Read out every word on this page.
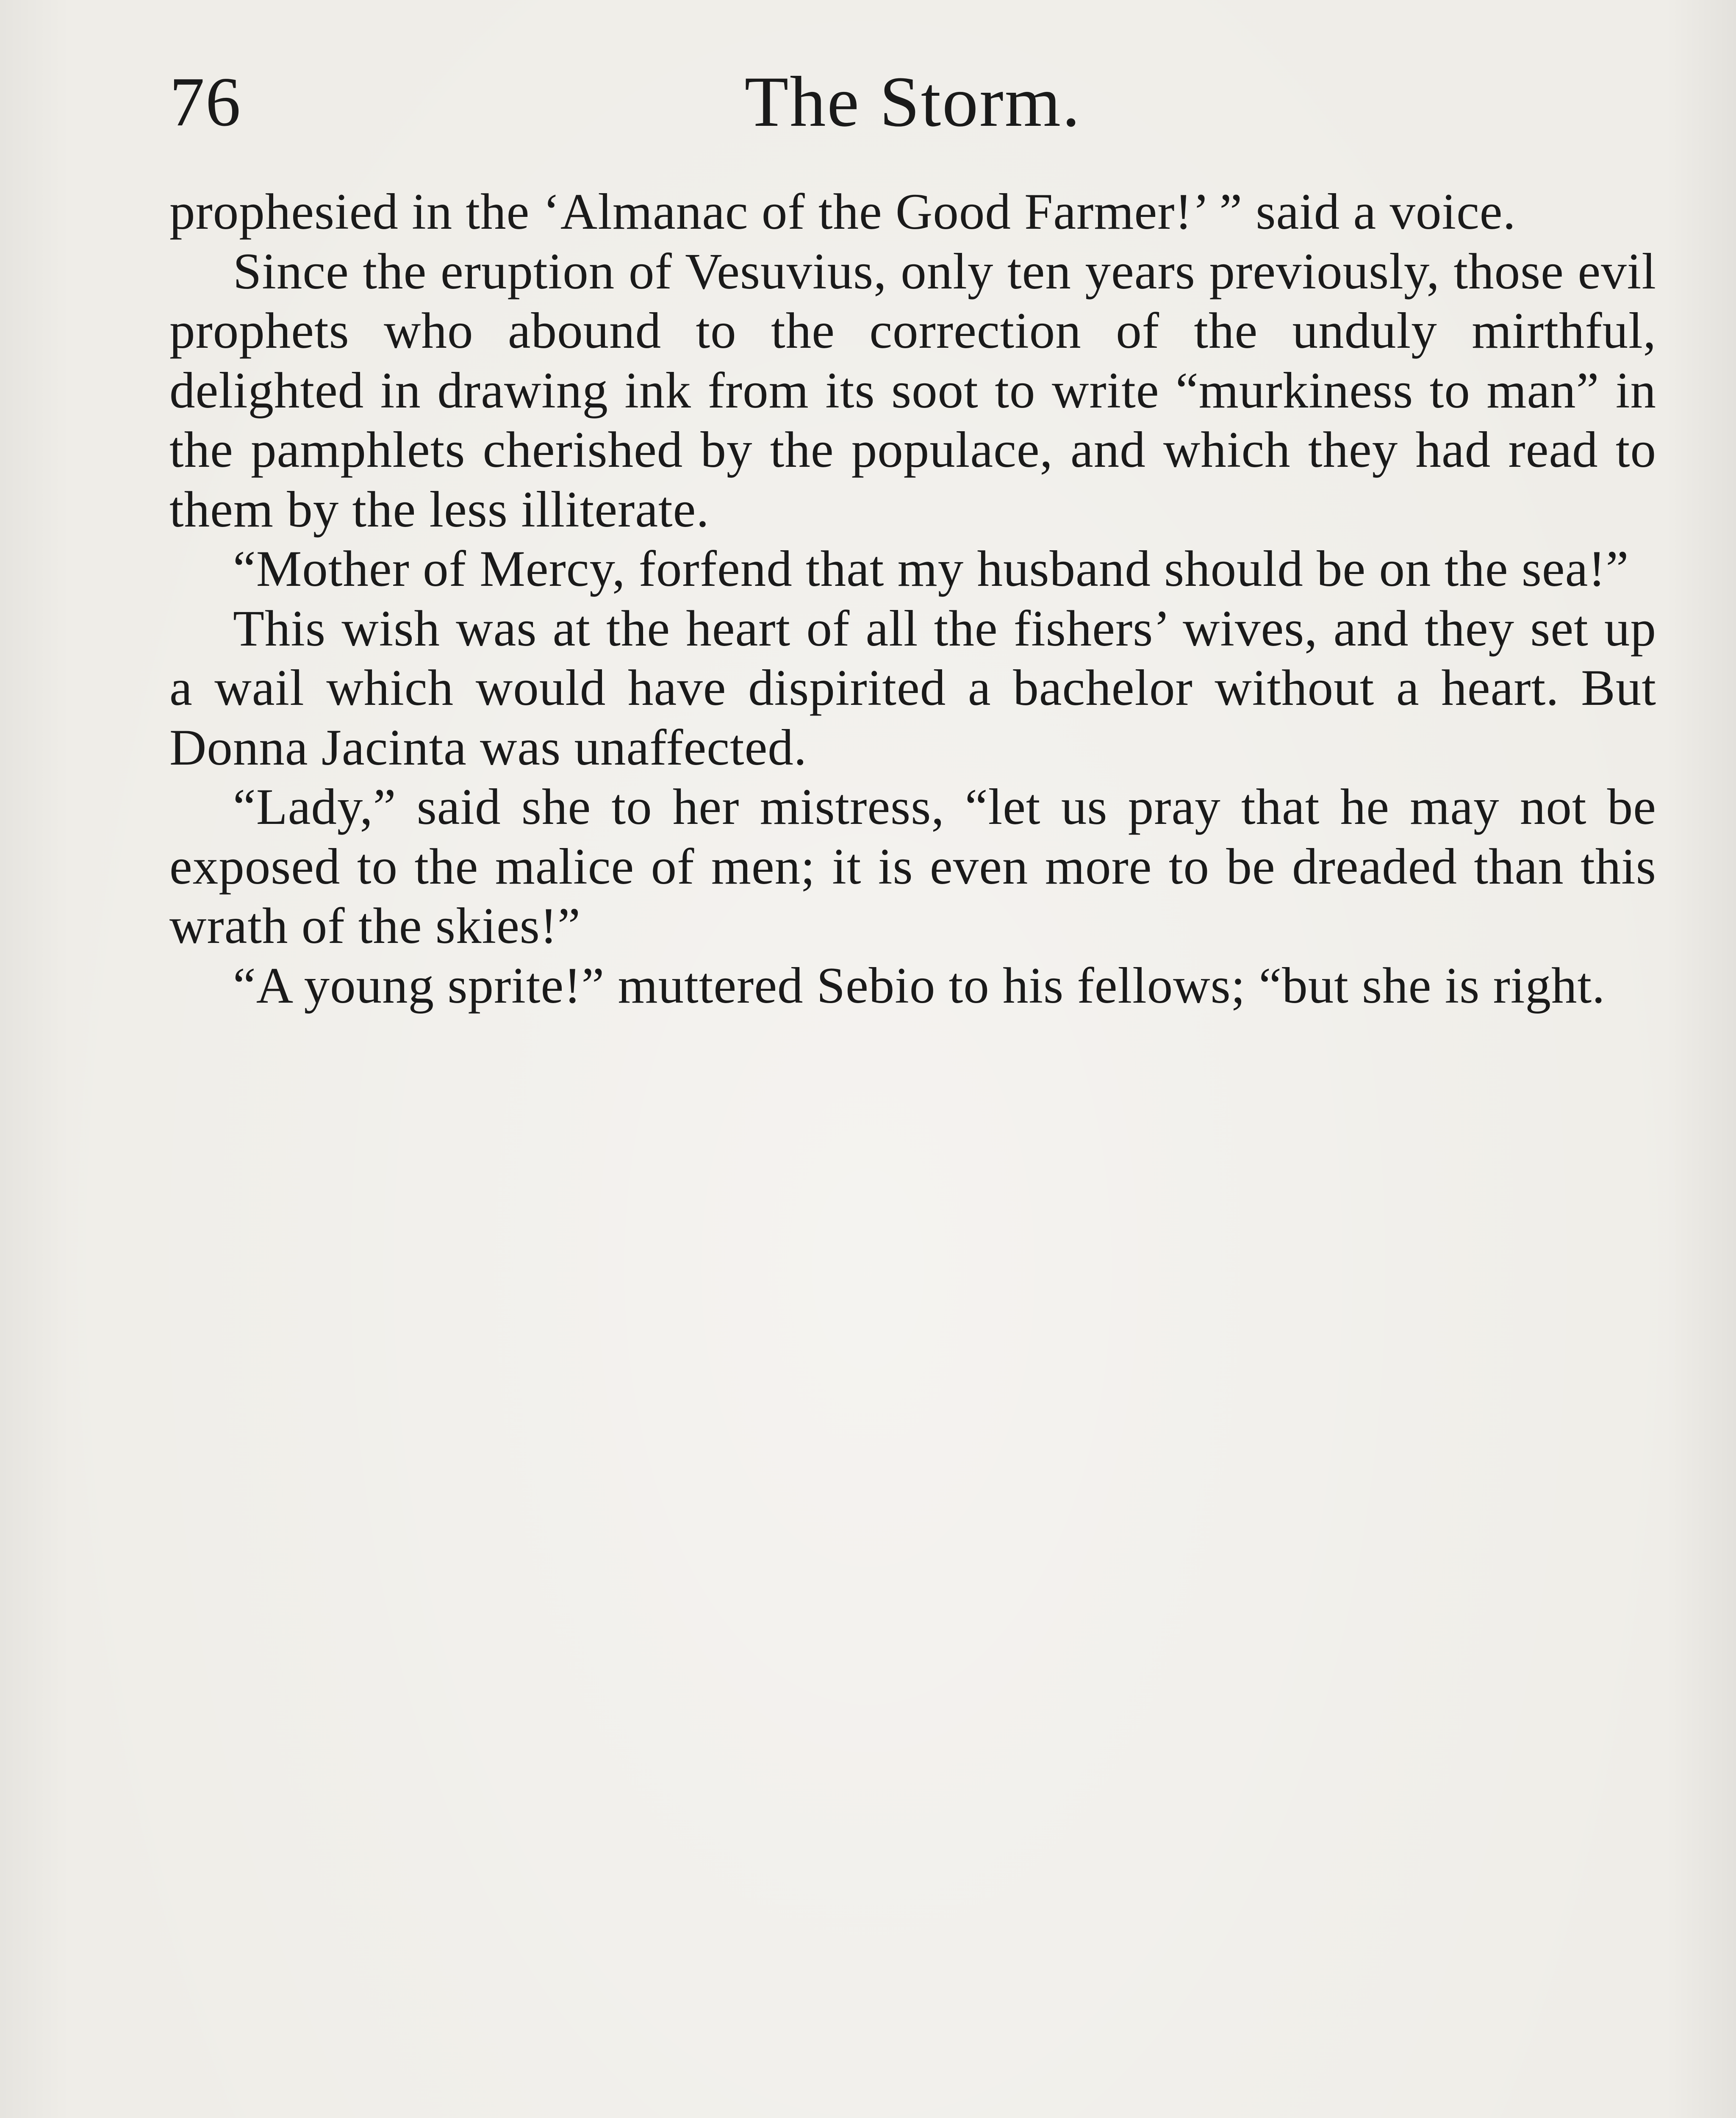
76	The Storm.

prophesied in the ‘Almanac of the Good Farmer!’ ” said a voice.

Since the eruption of Vesuvius, only ten years previously, those evil prophets who abound to the correction of the unduly mirthful, delighted in drawing ink from its soot to write “murkiness to man” in the pamphlets cherished by the populace, and which they had read to them by the less illiterate.

“Mother of Mercy, forfend that my husband should be on the sea!”

This wish was at the heart of all the fishers’ wives, and they set up a wail which would have dispirited a bachelor without a heart. But Donna Jacinta was unaffected.

“Lady,” said she to her mistress, “let us pray that he may not be exposed to the malice of men; it is even more to be dreaded than this wrath of the skies!”

“A young sprite!” muttered Sebio to his fellows; “but she is right.
